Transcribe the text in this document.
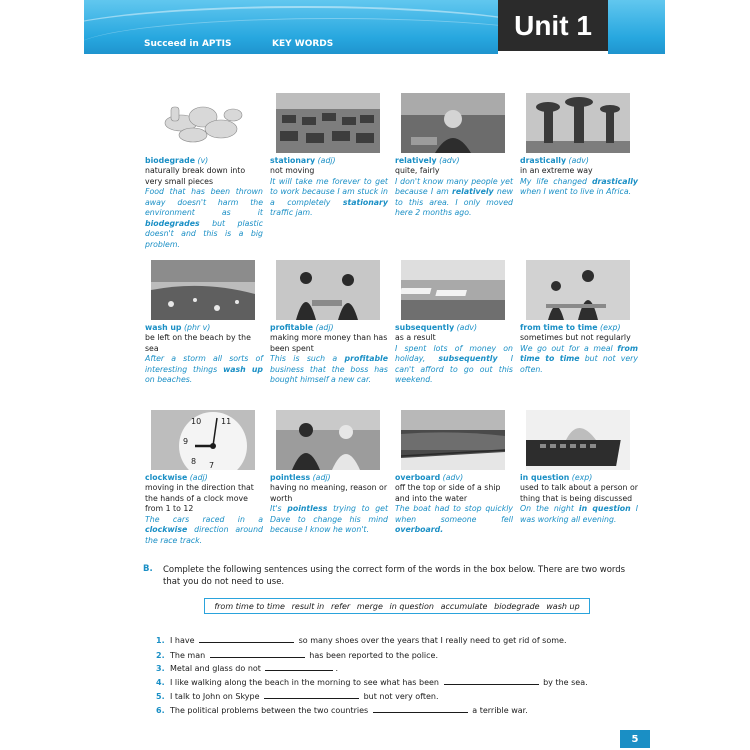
Succeed in APTIS	KEY WORDS
Unit 1
biodegrade (v)
naturally break down into very small pieces
Food that has been thrown away doesn't harm the environment as it biodegrades but plastic doesn't and this is a big problem.
stationary (adj)
not moving
It will take me forever to get to work because I am stuck in a completely stationary traffic jam.
relatively (adv)
quite, fairly
I don't know many people yet because I am relatively new to this area. I only moved here 2 months ago.
drastically (adv)
in an extreme way
My life changed drastically when I went to live in Africa.
wash up (phr v)
be left on the beach by the sea
After a storm all sorts of interesting things wash up on beaches.
profitable (adj)
making more money than has been spent
This is such a profitable business that the boss has bought himself a new car.
subsequently (adv)
as a result
I spent lots of money on holiday, subsequently I can't afford to go out this weekend.
from time to time (exp)
sometimes but not regularly
We go out for a meal from time to time but not very often.
10
9
8 7
11
clockwise (adj)
moving in the direction that the hands of a clock move from 1 to 12
The cars raced in a clockwise direction around the race track.
pointless (adj)
having no meaning, reason or worth
It's pointless trying to get Dave to change his mind because I know he won't.
overboard (adv)
off the top or side of a ship and into the water
The boat had to stop quickly when someone fell overboard.
in question (exp)
used to talk about a person or thing that is being discussed
On the night in question I was working all evening.
B. Complete the following sentences using the correct form of the words in the box below. There are two words that you do not need to use.
from time to time result in refer merge in question accumulate biodegrade wash up
1. I have	so many shoes over the years that I really need to get rid of some.
2. The man	has been reported to the police.
3. Metal and glass do not	.
4. I like walking along the beach in the morning to see what has been	by the sea.
5. I talk to John on Skype	but not very often.
6. The political problems between the two countries	a terrible war.
5
